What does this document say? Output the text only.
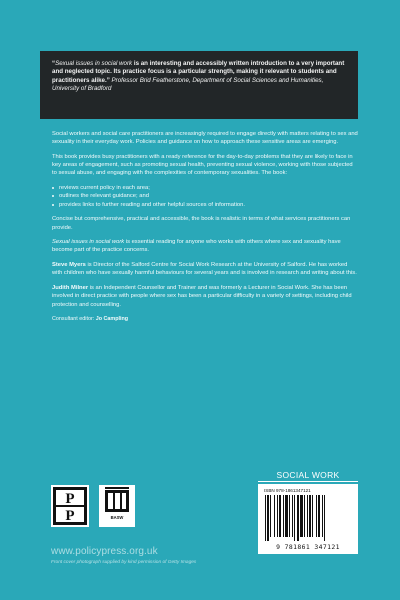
“Sexual issues in social work is an interesting and accessibly written introduction to a very important and neglected topic. Its practice focus is a particular strength, making it relevant to students and practitioners alike.” Professor Brid Featherstone, Department of Social Sciences and Humanities, University of Bradford

Social workers and social care practitioners are increasingly required to engage directly with matters relating to sex and sexuality in their everyday work. Policies and guidance on how to approach these sensitive areas are emerging.

This book provides busy practitioners with a ready reference for the day-to-day problems that they are likely to face in key areas of engagement, such as promoting sexual health, preventing sexual violence, working with those subjected to sexual abuse, and engaging with the complexities of contemporary sexualities. The book:

reviews current policy in each area;
outlines the relevant guidance; and
provides links to further reading and other helpful sources of information.

Concise but comprehensive, practical and accessible, the book is realistic in terms of what services practitioners can provide.

Sexual issues in social work is essential reading for anyone who works with others where sex and sexuality have become part of the practice concerns.

Steve Myers is Director of the Salford Centre for Social Work Research at the University of Salford. He has worked with children who have sexually harmful behaviours for several years and is involved in research and writing about this.

Judith Milner is an Independent Counsellor and Trainer and was formerly a Lecturer in Social Work. She has been involved in direct practice with people where sex has been a particular difficulty in a variety of settings, including child protection and counselling.

Consultant editor: Jo Campling

SOCIAL WORK
ISBN 978-1861347121
9 781861 347121
P
P	BASW
www.policypress.org.uk
Front cover photograph supplied by kind permission of Getty Images
